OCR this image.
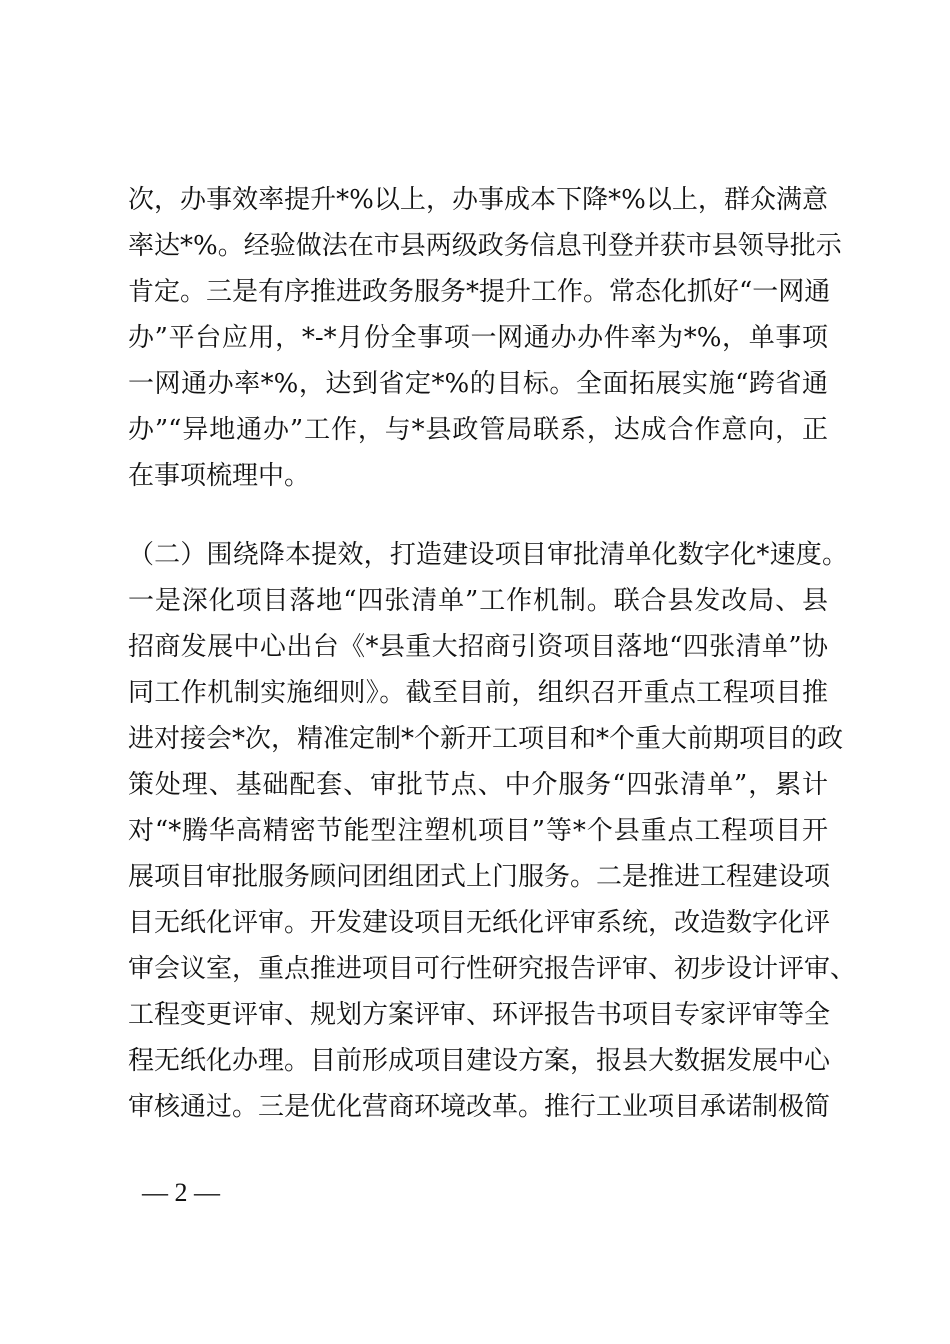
次，办事效率提升*%以上，办事成本下降*%以上，群众满意
率达*%。经验做法在市县两级政务信息刊登并获市县领导批示
肯定。三是有序推进政务服务*提升工作。常态化抓好“一网通
办”平台应用，*-*月份全事项一网通办办件率为*%，单事项
一网通办率*%，达到省定*%的目标。全面拓展实施“跨省通
办”“异地通办”工作，与*县政管局联系，达成合作意向，正
在事项梳理中。
（二）围绕降本提效，打造建设项目审批清单化数字化*速度。
一是深化项目落地“四张清单”工作机制。联合县发改局、县
招商发展中心出台《*县重大招商引资项目落地“四张清单”协
同工作机制实施细则》。截至目前，组织召开重点工程项目推
进对接会*次，精准定制*个新开工项目和*个重大前期项目的政
策处理、基础配套、审批节点、中介服务“四张清单”，累计
对“*腾华高精密节能型注塑机项目”等*个县重点工程项目开
展项目审批服务顾问团组团式上门服务。二是推进工程建设项
目无纸化评审。开发建设项目无纸化评审系统，改造数字化评
审会议室，重点推进项目可行性研究报告评审、初步设计评审、
工程变更评审、规划方案评审、环评报告书项目专家评审等全
程无纸化办理。目前形成项目建设方案，报县大数据发展中心
审核通过。三是优化营商环境改革。推行工业项目承诺制极简
— 2 —
